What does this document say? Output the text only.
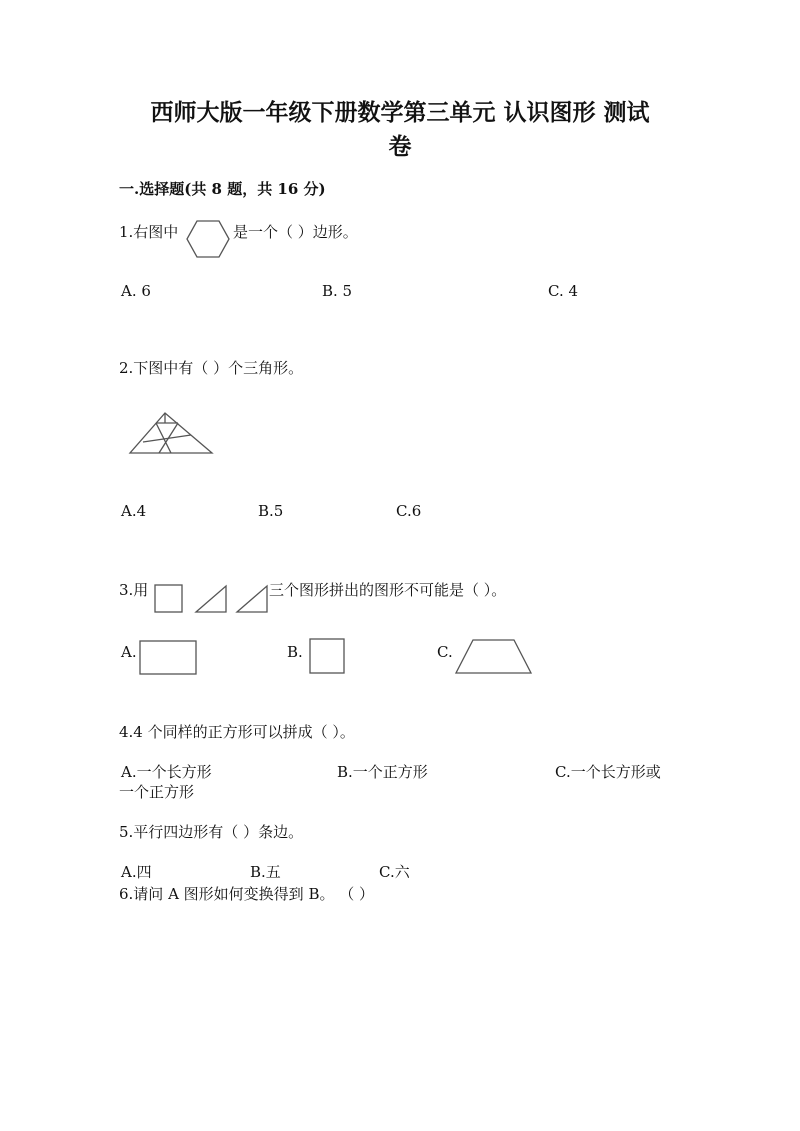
西师大版一年级下册数学第三单元 认识图形 测试
卷
一.选择题(共 8 题，共 16 分)
1.右图中	是一个（ ）边形。
A. 6	B. 5	C. 4
2.下图中有（ ）个三角形。
A.4	B.5	C.6
3.用	三个图形拼出的图形不可能是（ ）。
A.	B.	C.
4.4 个同样的正方形可以拼成（ ）。
A.一个长方形	B.一个正方形	C.一个长方形或
一个正方形
5.平行四边形有（ ）条边。
A.四	B.五	C.六
6.请问 A 图形如何变换得到 B。 （ ）
